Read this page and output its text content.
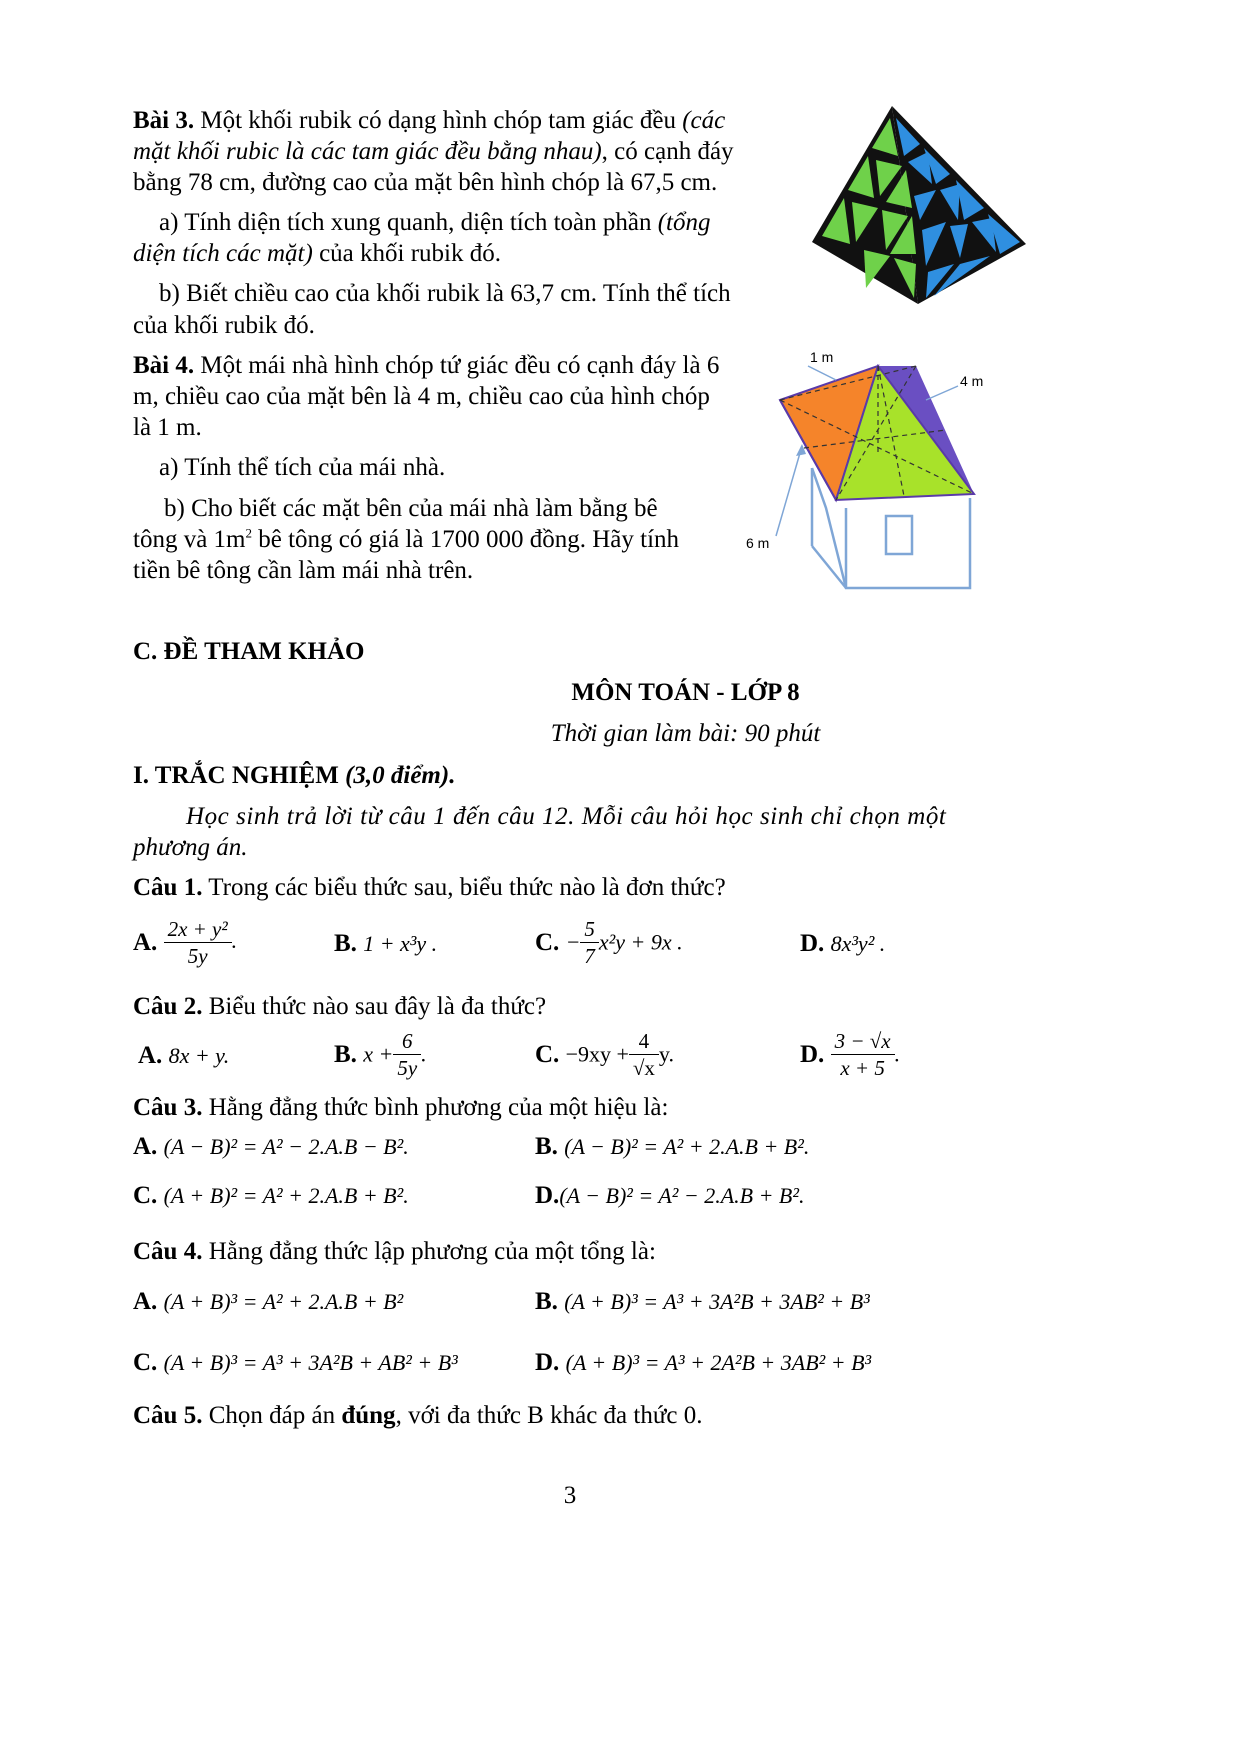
Bài 3. Một khối rubik có dạng hình chóp tam giác đều (các
mặt khối rubic là các tam giác đều bằng nhau), có cạnh đáy
bằng 78 cm, đường cao của mặt bên hình chóp là 67,5 cm.
a) Tính diện tích xung quanh, diện tích toàn phần (tổng
diện tích các mặt) của khối rubik đó.
b) Biết chiều cao của khối rubik là 63,7 cm. Tính thể tích
của khối rubik đó.
Bài 4. Một mái nhà hình chóp tứ giác đều có cạnh đáy là 6
m, chiều cao của mặt bên là 4 m, chiều cao của hình chóp
là 1 m.
a) Tính thể tích của mái nhà.
b) Cho biết các mặt bên của mái nhà làm bằng bê
tông và $1m^2$ bê tông có giá là 1700 000 đồng. Hãy tính
tiền bê tông cần làm mái nhà trên.
1 m
4 m
6 m
C. ĐỀ THAM KHẢO
MÔN TOÁN - LỚP 8
Thời gian làm bài: 90 phút
I. TRẮC NGHIỆM (3,0 điểm).
Học sinh trả lời từ câu 1 đến câu 12. Mỗi câu hỏi học sinh chỉ chọn một
phương án.
Câu 1. Trong các biểu thức sau, biểu thức nào là đơn thức?
A. $\frac{\text{2x + y²}}{5y}$ .	B. 1 + x³y .	C. − $\frac{5}{7} x^2y + 9x$ .	D. 8x³y² .
Câu 2. Biểu thức nào sau đây là đa thức?
A. 8x + y.	B. $x + \frac{6}{5y}$ .	C. $-9xy + \frac{4}{√x} y$.	D. $\frac{3 - √x}{x + 5}$ .
Câu 3. Hằng đẳng thức bình phương của một hiệu là:
A. (A − B)² = A² − 2.A.B − B².	B. (A − B)² = A² + 2.A.B + B².
C. (A + B)² = A² + 2.A.B + B².	D.(A − B)² = A² − 2.A.B + B².
Câu 4. Hằng đẳng thức lập phương của một tổng là:
A. (A + B)³ = A² + 2.A.B + B²	B. (A + B)³ = A³ + 3A²B + 3AB² + B³
C. (A + B)³ = A³ + 3A²B + AB² + B³	D. (A + B)³ = A³ + 2A²B + 3AB² + B³
Câu 5. Chọn đáp án đúng, với đa thức B khác đa thức 0.
3
